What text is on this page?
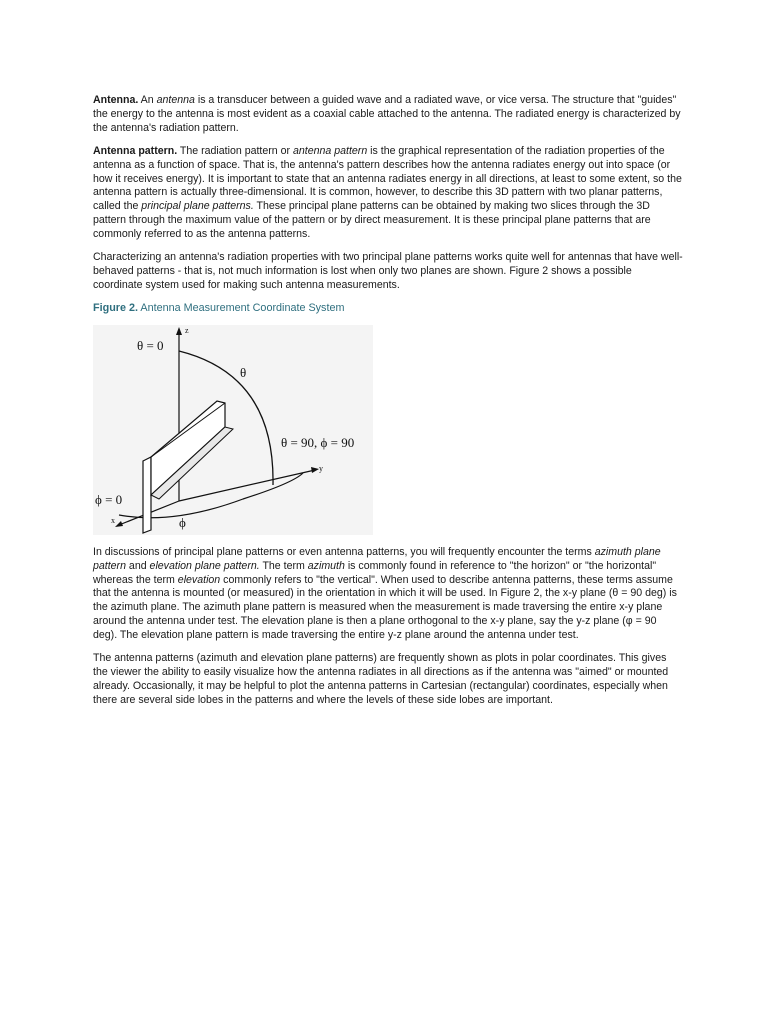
Antenna. An antenna is a transducer between a guided wave and a radiated wave, or vice versa. The structure that "guides" the energy to the antenna is most evident as a coaxial cable attached to the antenna. The radiated energy is characterized by the antenna's radiation pattern.

Antenna pattern. The radiation pattern or antenna pattern is the graphical representation of the radiation properties of the antenna as a function of space. That is, the antenna's pattern describes how the antenna radiates energy out into space (or how it receives energy). It is important to state that an antenna radiates energy in all directions, at least to some extent, so the antenna pattern is actually three-dimensional. It is common, however, to describe this 3D pattern with two planar patterns, called the principal plane patterns. These principal plane patterns can be obtained by making two slices through the 3D pattern through the maximum value of the pattern or by direct measurement. It is these principal plane patterns that are commonly referred to as the antenna patterns.

Characterizing an antenna's radiation properties with two principal plane patterns works quite well for antennas that have well-behaved patterns - that is, not much information is lost when only two planes are shown. Figure 2 shows a possible coordinate system used for making such antenna measurements.

Figure 2. Antenna Measurement Coordinate System
θ = 0
θ
θ = 90, ϕ = 90
ϕ = 0
ϕ
x
y
z

In discussions of principal plane patterns or even antenna patterns, you will frequently encounter the terms azimuth plane pattern and elevation plane pattern. The term azimuth is commonly found in reference to "the horizon" or "the horizontal" whereas the term elevation commonly refers to "the vertical". When used to describe antenna patterns, these terms assume that the antenna is mounted (or measured) in the orientation in which it will be used. In Figure 2, the x-y plane (θ = 90 deg) is the azimuth plane. The azimuth plane pattern is measured when the measurement is made traversing the entire x-y plane around the antenna under test. The elevation plane is then a plane orthogonal to the x-y plane, say the y-z plane (φ = 90 deg). The elevation plane pattern is made traversing the entire y-z plane around the antenna under test.

The antenna patterns (azimuth and elevation plane patterns) are frequently shown as plots in polar coordinates. This gives the viewer the ability to easily visualize how the antenna radiates in all directions as if the antenna was "aimed" or mounted already. Occasionally, it may be helpful to plot the antenna patterns in Cartesian (rectangular) coordinates, especially when there are several side lobes in the patterns and where the levels of these side lobes are important.
